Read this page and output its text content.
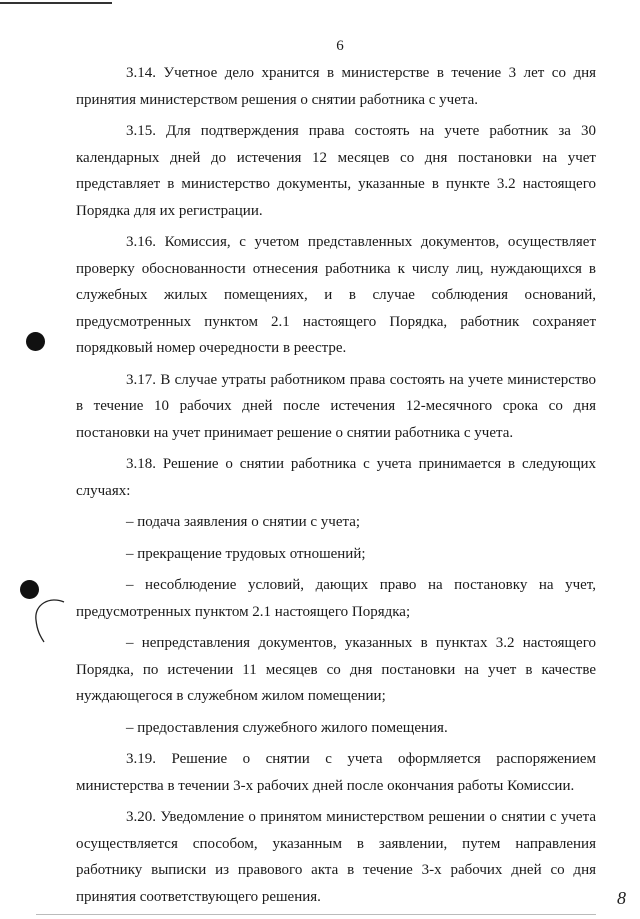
6

3.14. Учетное дело хранится в министерстве в течение 3 лет со дня принятия министерством решения о снятии работника с учета.

3.15. Для подтверждения права состоять на учете работник за 30 календарных дней до истечения 12 месяцев со дня постановки на учет представляет в министерство документы, указанные в пункте 3.2 настоящего Порядка для их регистрации.

3.16. Комиссия, с учетом представленных документов, осуществляет проверку обоснованности отнесения работника к числу лиц, нуждающихся в служебных жилых помещениях, и в случае соблюдения оснований, предусмотренных пунктом 2.1 настоящего Порядка, работник сохраняет порядковый номер очередности в реестре.

3.17. В случае утраты работником права состоять на учете министерство в течение 10 рабочих дней после истечения 12-месячного срока со дня постановки на учет принимает решение о снятии работника с учета.

3.18. Решение о снятии работника с учета принимается в следующих случаях:

– подача заявления о снятии с учета;

– прекращение трудовых отношений;

– несоблюдение условий, дающих право на постановку на учет, предусмотренных пунктом 2.1 настоящего Порядка;

– непредставления документов, указанных в пунктах 3.2 настоящего Порядка, по истечении 11 месяцев со дня постановки на учет в качестве нуждающегося в служебном жилом помещении;

– предоставления служебного жилого помещения.

3.19. Решение о снятии с учета оформляется распоряжением министерства в течении 3-х рабочих дней после окончания работы Комиссии.

3.20. Уведомление о принятом министерством решении о снятии с учета осуществляется способом, указанным в заявлении, путем направления работнику выписки из правового акта в течение 3-х рабочих дней со дня принятия соответствующего решения.	8
